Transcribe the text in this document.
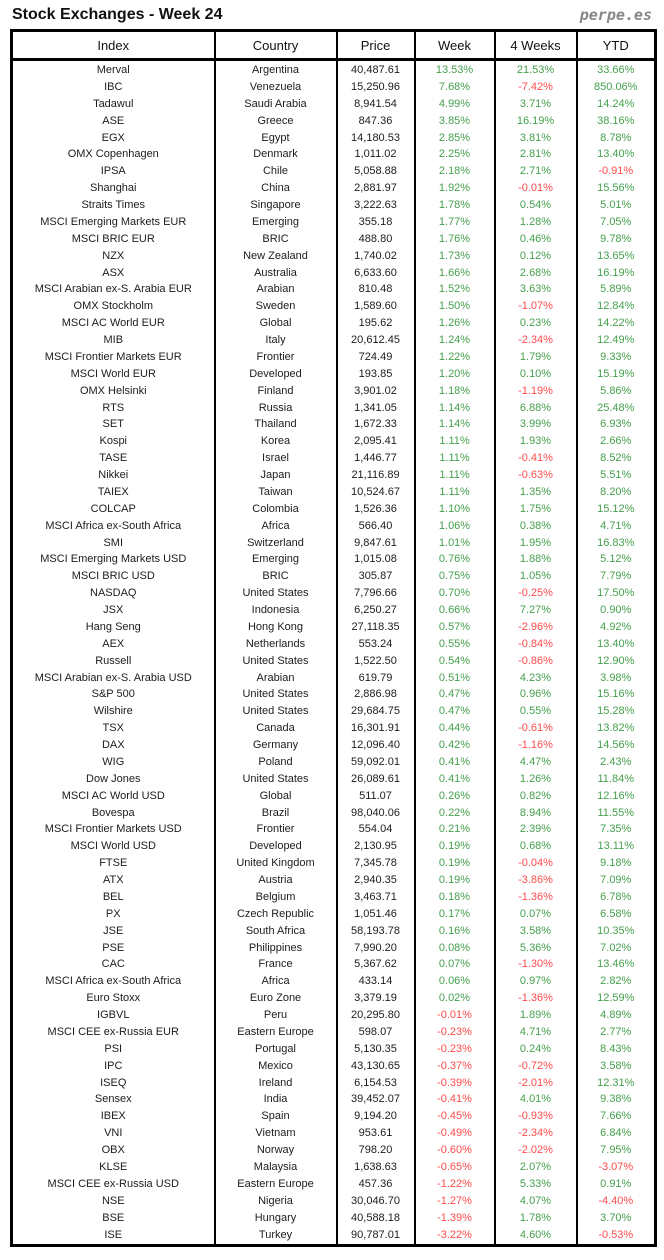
Stock Exchanges - Week 24	perpe.es
Index	Country	Price	Week	4 Weeks	YTD
Merval	Argentina	40,487.61	13.53%	21.53%	33.66%
IBC	Venezuela	15,250.96	7.68%	-7.42%	850.06%
Tadawul	Saudi Arabia	8,941.54	4.99%	3.71%	14.24%
ASE	Greece	847.36	3.85%	16.19%	38.16%
EGX	Egypt	14,180.53	2.85%	3.81%	8.78%
OMX Copenhagen	Denmark	1,011.02	2.25%	2.81%	13.40%
IPSA	Chile	5,058.88	2.18%	2.71%	-0.91%
Shanghai	China	2,881.97	1.92%	-0.01%	15.56%
Straits Times	Singapore	3,222.63	1.78%	0.54%	5.01%
MSCI Emerging Markets EUR	Emerging	355.18	1.77%	1.28%	7.05%
MSCI BRIC EUR	BRIC	488.80	1.76%	0.46%	9.78%
NZX	New Zealand	1,740.02	1.73%	0.12%	13.65%
ASX	Australia	6,633.60	1.66%	2.68%	16.19%
MSCI Arabian ex-S. Arabia EUR	Arabian	810.48	1.52%	3.63%	5.89%
OMX Stockholm	Sweden	1,589.60	1.50%	-1.07%	12.84%
MSCI AC World EUR	Global	195.62	1.26%	0.23%	14.22%
MIB	Italy	20,612.45	1.24%	-2.34%	12.49%
MSCI Frontier Markets EUR	Frontier	724.49	1.22%	1.79%	9.33%
MSCI World EUR	Developed	193.85	1.20%	0.10%	15.19%
OMX Helsinki	Finland	3,901.02	1.18%	-1.19%	5.86%
RTS	Russia	1,341.05	1.14%	6.88%	25.48%
SET	Thailand	1,672.33	1.14%	3.99%	6.93%
Kospi	Korea	2,095.41	1.11%	1.93%	2.66%
TASE	Israel	1,446.77	1.11%	-0.41%	8.52%
Nikkei	Japan	21,116.89	1.11%	-0.63%	5.51%
TAIEX	Taiwan	10,524.67	1.11%	1.35%	8.20%
COLCAP	Colombia	1,526.36	1.10%	1.75%	15.12%
MSCI Africa ex-South Africa	Africa	566.40	1.06%	0.38%	4.71%
SMI	Switzerland	9,847.61	1.01%	1.95%	16.83%
MSCI Emerging Markets USD	Emerging	1,015.08	0.76%	1.88%	5.12%
MSCI BRIC USD	BRIC	305.87	0.75%	1.05%	7.79%
NASDAQ	United States	7,796.66	0.70%	-0.25%	17.50%
JSX	Indonesia	6,250.27	0.66%	7.27%	0.90%
Hang Seng	Hong Kong	27,118.35	0.57%	-2.96%	4.92%
AEX	Netherlands	553.24	0.55%	-0.84%	13.40%
Russell	United States	1,522.50	0.54%	-0.86%	12.90%
MSCI Arabian ex-S. Arabia USD	Arabian	619.79	0.51%	4.23%	3.98%
S&P 500	United States	2,886.98	0.47%	0.96%	15.16%
Wilshire	United States	29,684.75	0.47%	0.55%	15.28%
TSX	Canada	16,301.91	0.44%	-0.61%	13.82%
DAX	Germany	12,096.40	0.42%	-1.16%	14.56%
WIG	Poland	59,092.01	0.41%	4.47%	2.43%
Dow Jones	United States	26,089.61	0.41%	1.26%	11.84%
MSCI AC World USD	Global	511.07	0.26%	0.82%	12.16%
Bovespa	Brazil	98,040.06	0.22%	8.94%	11.55%
MSCI Frontier Markets USD	Frontier	554.04	0.21%	2.39%	7.35%
MSCI World USD	Developed	2,130.95	0.19%	0.68%	13.11%
FTSE	United Kingdom	7,345.78	0.19%	-0.04%	9.18%
ATX	Austria	2,940.35	0.19%	-3.86%	7.09%
BEL	Belgium	3,463.71	0.18%	-1.36%	6.78%
PX	Czech Republic	1,051.46	0.17%	0.07%	6.58%
JSE	South Africa	58,193.78	0.16%	3.58%	10.35%
PSE	Philippines	7,990.20	0.08%	5.36%	7.02%
CAC	France	5,367.62	0.07%	-1.30%	13.46%
MSCI Africa ex-South Africa	Africa	433.14	0.06%	0.97%	2.82%
Euro Stoxx	Euro Zone	3,379.19	0.02%	-1.36%	12.59%
IGBVL	Peru	20,295.80	-0.01%	1.89%	4.89%
MSCI CEE ex-Russia EUR	Eastern Europe	598.07	-0.23%	4.71%	2.77%
PSI	Portugal	5,130.35	-0.23%	0.24%	8.43%
IPC	Mexico	43,130.65	-0.37%	-0.72%	3.58%
ISEQ	Ireland	6,154.53	-0.39%	-2.01%	12.31%
Sensex	India	39,452.07	-0.41%	4.01%	9.38%
IBEX	Spain	9,194.20	-0.45%	-0.93%	7.66%
VNI	Vietnam	953.61	-0.49%	-2.34%	6.84%
OBX	Norway	798.20	-0.60%	-2.02%	7.95%
KLSE	Malaysia	1,638.63	-0.65%	2.07%	-3.07%
MSCI CEE ex-Russia USD	Eastern Europe	457.36	-1.22%	5.33%	0.91%
NSE	Nigeria	30,046.70	-1.27%	4.07%	-4.40%
BSE	Hungary	40,588.18	-1.39%	1.78%	3.70%
ISE	Turkey	90,787.01	-3.22%	4.60%	-0.53%
